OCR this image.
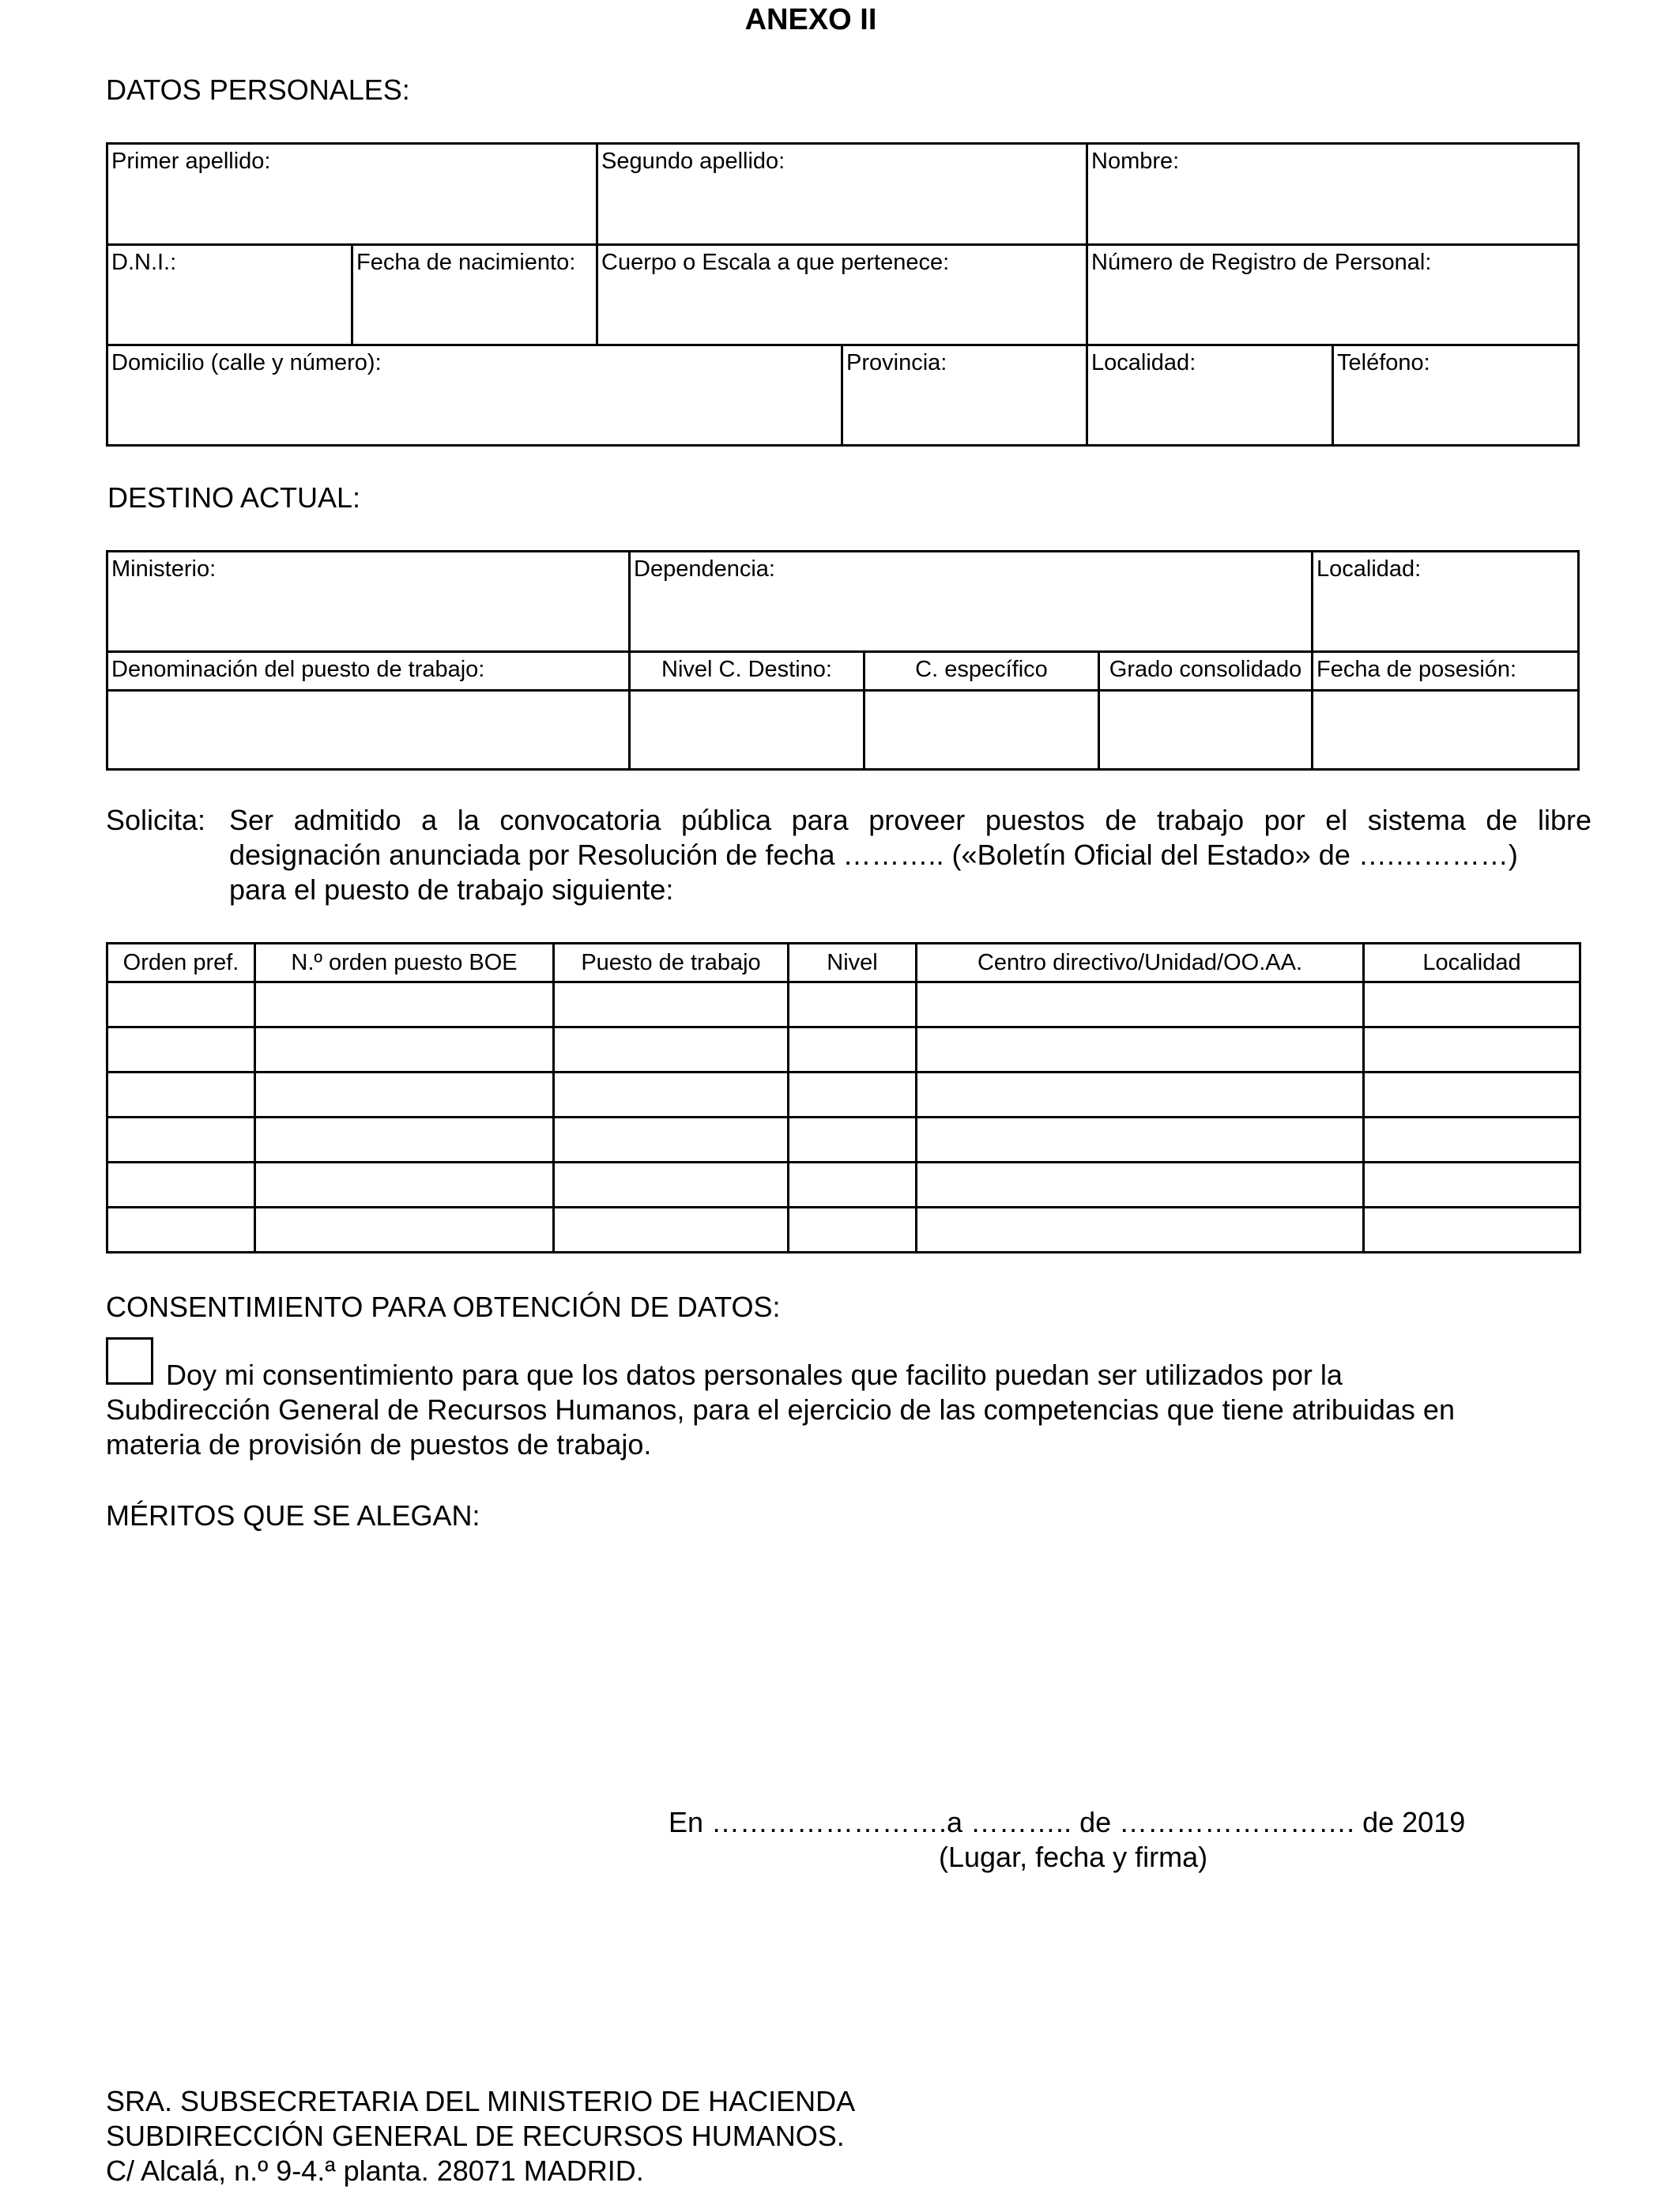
ANEXO II
DATOS PERSONALES:
Primer apellido:		Segundo apellido:		Nombre:	
D.N.I.:	Fecha de nacimiento:	Cuerpo o Escala a que pertenece:		Número de Registro de Personal:	
Domicilio (calle y número):			Provincia:	Localidad:	Teléfono:
DESTINO ACTUAL:
Ministerio:	Dependencia:			Localidad:
Denominación del puesto de trabajo:	Nivel C. Destino:	C. específico	Grado consolidado	Fecha de posesión:

Solicita: Ser admitido a la convocatoria pública para proveer puestos de trabajo por el sistema de libre
designación anunciada por Resolución de fecha ……….. («Boletín Oficial del Estado» de ….…………)
para el puesto de trabajo siguiente:
Orden pref.	N.º orden puesto BOE	Puesto de trabajo	Nivel	Centro directivo/Unidad/OO.AA.	Localidad

CONSENTIMIENTO PARA OBTENCIÓN DE DATOS:
Doy mi consentimiento para que los datos personales que facilito puedan ser utilizados por la
Subdirección General de Recursos Humanos, para el ejercicio de las competencias que tiene atribuidas en
materia de provisión de puestos de trabajo.
MÉRITOS QUE SE ALEGAN:
En …………………….a ……….. de ……………………. de 2019
(Lugar, fecha y firma)
SRA. SUBSECRETARIA DEL MINISTERIO DE HACIENDA
SUBDIRECCIÓN GENERAL DE RECURSOS HUMANOS.
C/ Alcalá, n.º 9-4.ª planta. 28071 MADRID.
